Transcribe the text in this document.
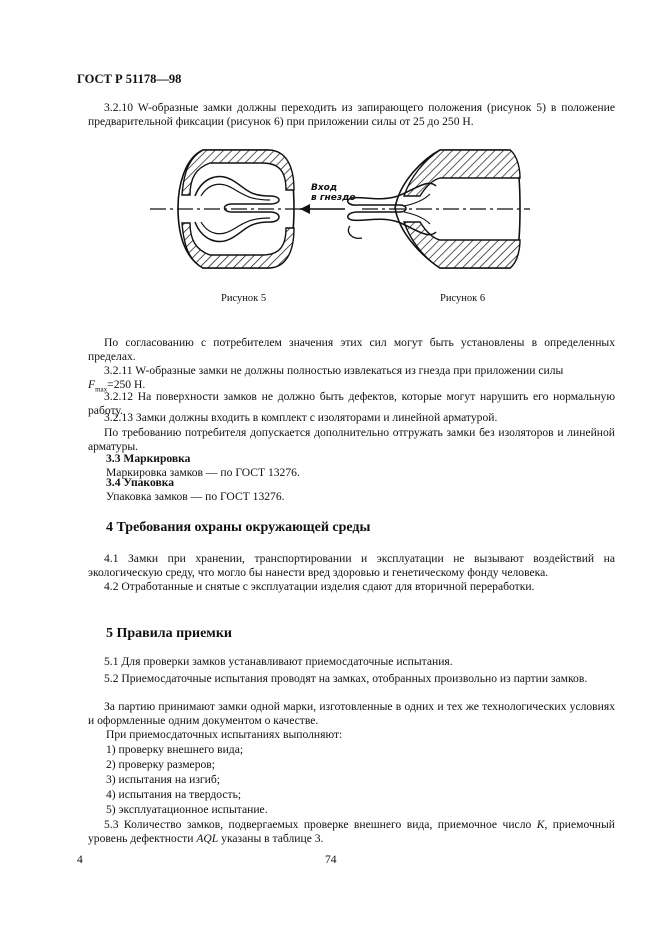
ГОСТ Р 51178—98
3.2.10 W-образные замки должны переходить из запирающего положения (рисунок 5) в положение предварительной фиксации (рисунок 6) при приложении силы от 25 до 250 Н.
Вход
в гнездо
Рисунок 5	Рисунок 6
По согласованию с потребителем значения этих сил могут быть установлены в определенных пределах.
3.2.11 W-образные замки не должны полностью извлекаться из гнезда при приложении силы
$F_{max}=250$ Н.
3.2.12 На поверхности замков не должно быть дефектов, которые могут нарушить его нормальную работу.
3.2.13 Замки должны входить в комплект с изоляторами и линейной арматурой.
По требованию потребителя допускается дополнительно отгружать замки без изоляторов и линейной арматуры.
3.3 Маркировка
Маркировка замков — по ГОСТ 13276.
3.4 Упаковка
Упаковка замков — по ГОСТ 13276.
4 Требования охраны окружающей среды
4.1 Замки при хранении, транспортировании и эксплуатации не вызывают воздействий на экологическую среду, что могло бы нанести вред здоровью и генетическому фонду человека.
4.2 Отработанные и снятые с эксплуатации изделия сдают для вторичной переработки.
5 Правила приемки
5.1 Для проверки замков устанавливают приемосдаточные испытания.
5.2 Приемосдаточные испытания проводят на замках, отобранных произвольно из партии замков.
За партию принимают замки одной марки, изготовленные в одних и тех же технологических условиях и оформленные одним документом о качестве.
При приемосдаточных испытаниях выполняют:
1) проверку внешнего вида;
2) проверку размеров;
3) испытания на изгиб;
4) испытания на твердость;
5) эксплуатационное испытание.
5.3 Количество замков, подвергаемых проверке внешнего вида, приемочное число K, приемочный уровень дефектности AQL указаны в таблице 3.
4	74
